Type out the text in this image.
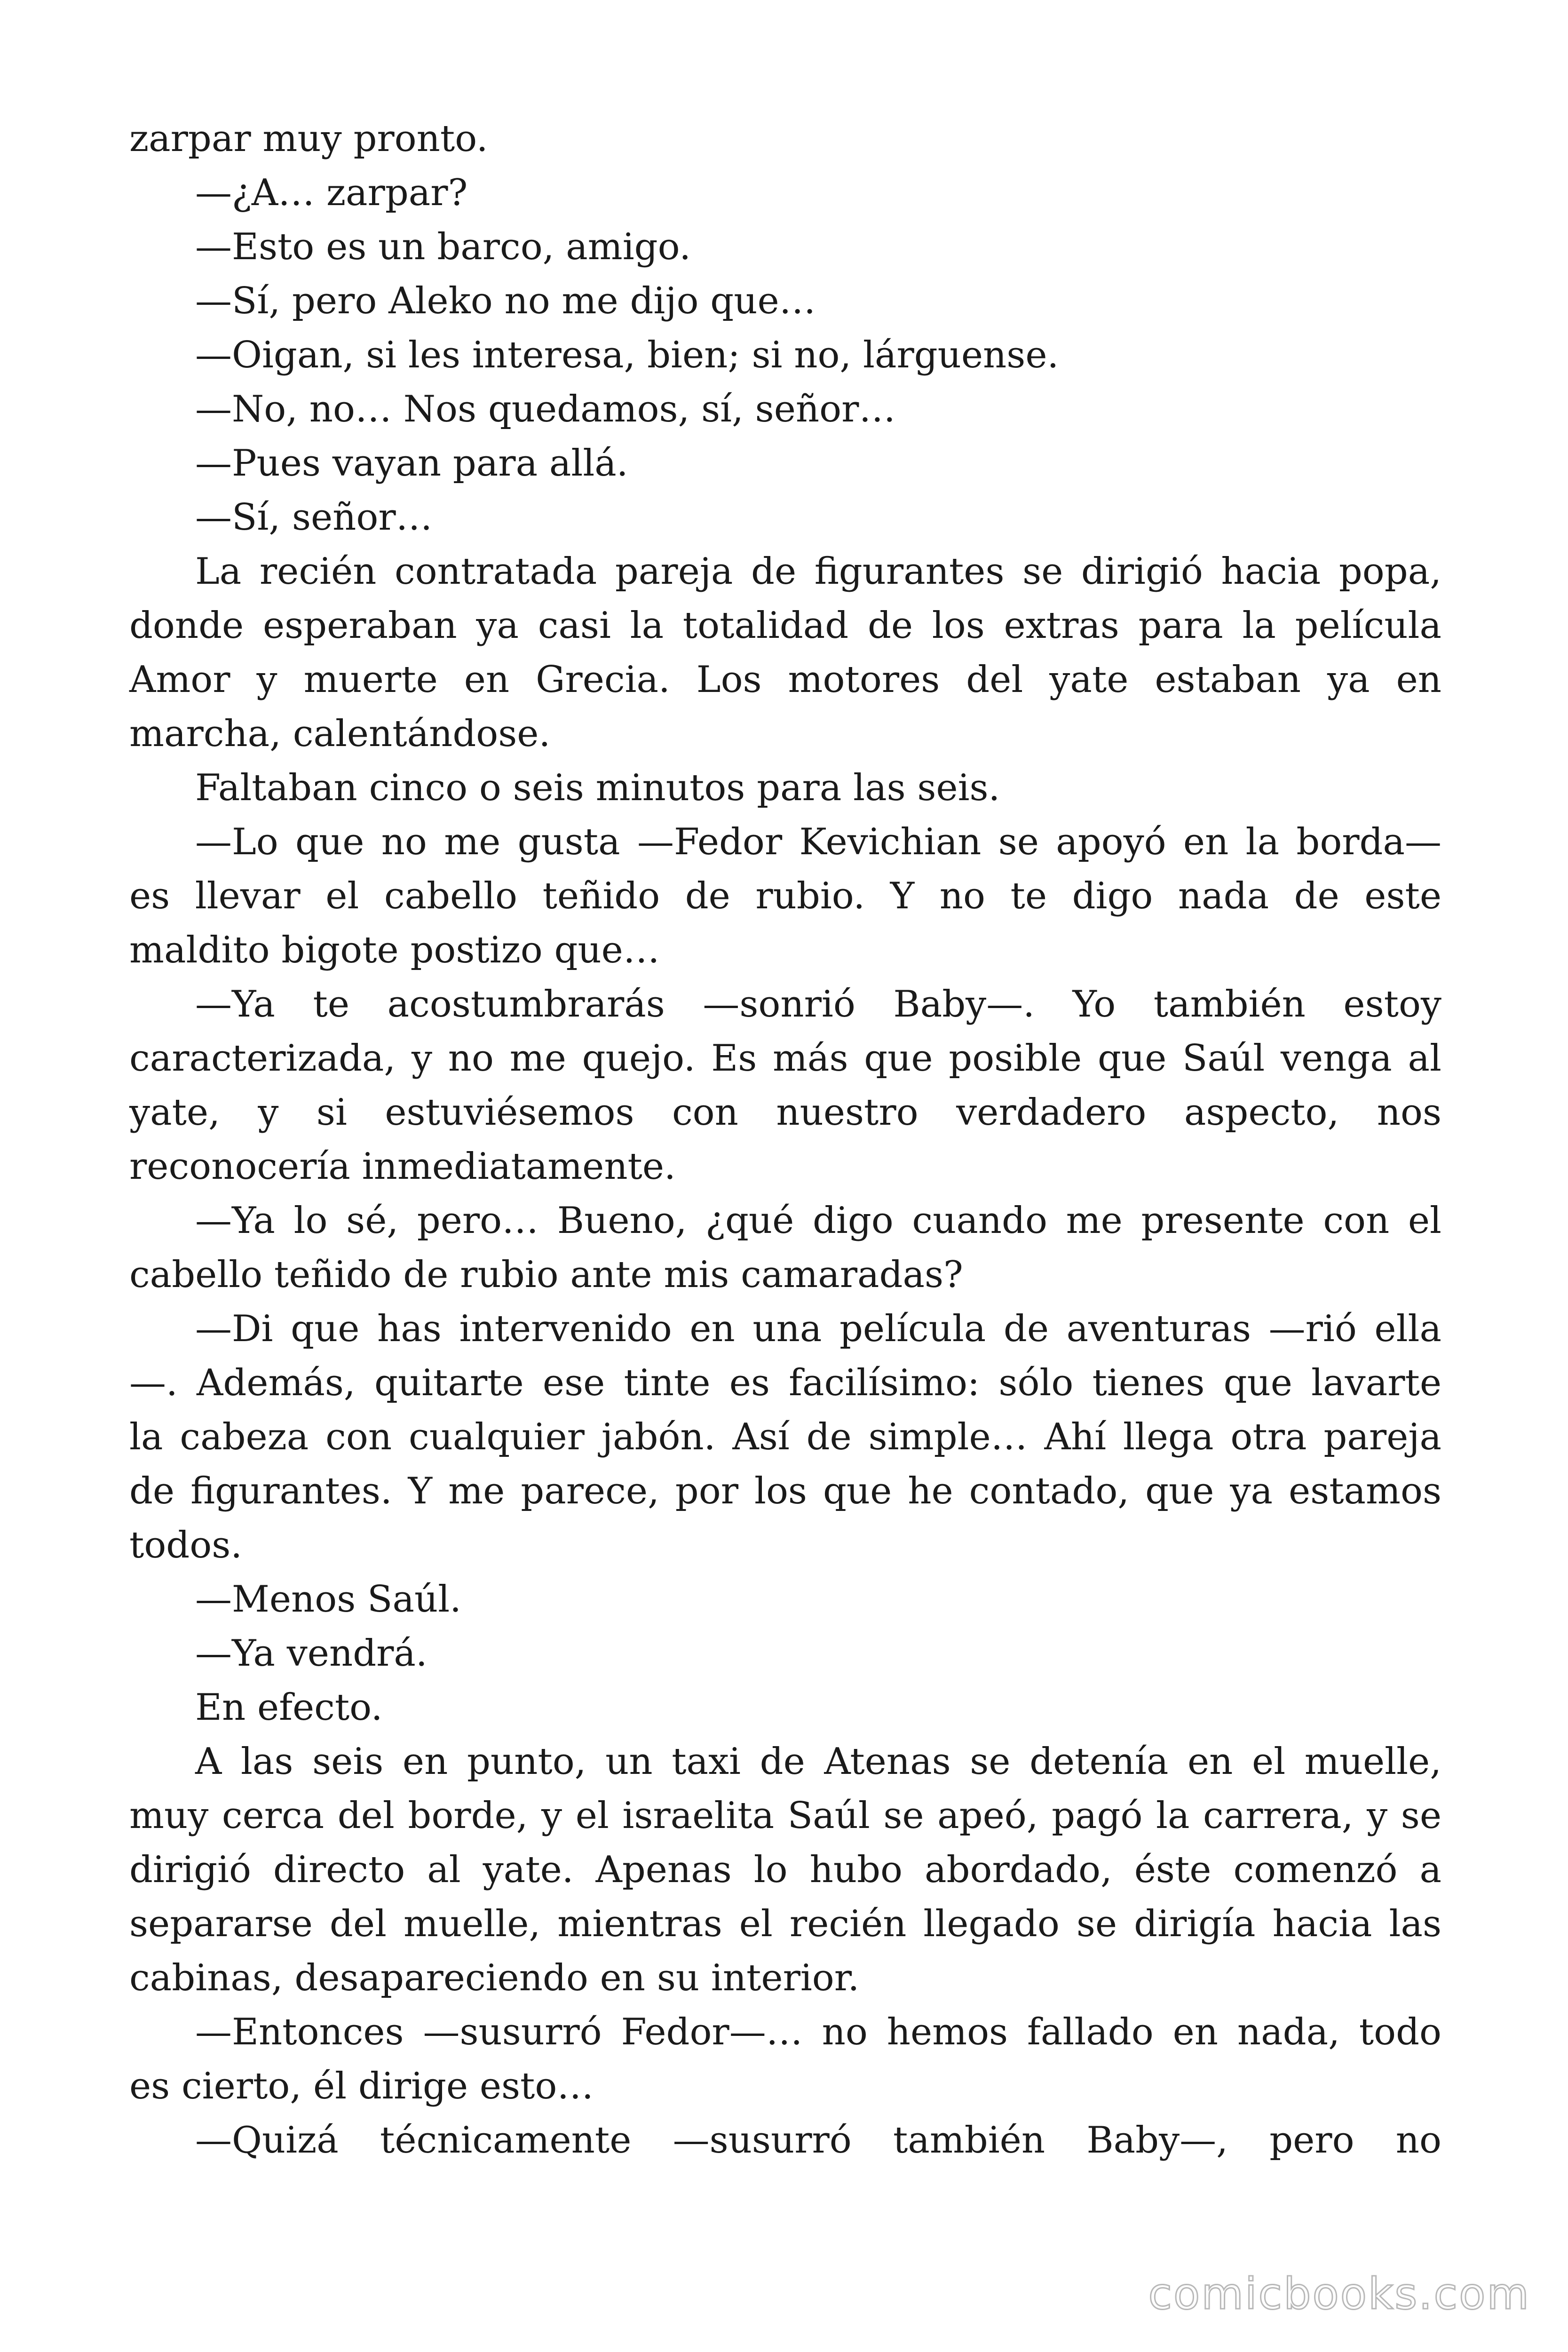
zarpar muy pronto.
—¿A… zarpar?
—Esto es un barco, amigo.
—Sí, pero Aleko no me dijo que…
—Oigan, si les interesa, bien; si no, lárguense.
—No, no… Nos quedamos, sí, señor…
—Pues vayan para allá.
—Sí, señor…
La recién contratada pareja de figurantes se dirigió hacia popa,
donde esperaban ya casi la totalidad de los extras para la película
Amor y muerte en Grecia. Los motores del yate estaban ya en
marcha, calentándose.
Faltaban cinco o seis minutos para las seis.
—Lo que no me gusta —Fedor Kevichian se apoyó en la borda—
es llevar el cabello teñido de rubio. Y no te digo nada de este
maldito bigote postizo que…
—Ya te acostumbrarás —sonrió Baby—. Yo también estoy
caracterizada, y no me quejo. Es más que posible que Saúl venga al
yate, y si estuviésemos con nuestro verdadero aspecto, nos
reconocería inmediatamente.
—Ya lo sé, pero… Bueno, ¿qué digo cuando me presente con el
cabello teñido de rubio ante mis camaradas?
—Di que has intervenido en una película de aventuras —rió ella
—. Además, quitarte ese tinte es facilísimo: sólo tienes que lavarte
la cabeza con cualquier jabón. Así de simple… Ahí llega otra pareja
de figurantes. Y me parece, por los que he contado, que ya estamos
todos.
—Menos Saúl.
—Ya vendrá.
En efecto.
A las seis en punto, un taxi de Atenas se detenía en el muelle,
muy cerca del borde, y el israelita Saúl se apeó, pagó la carrera, y se
dirigió directo al yate. Apenas lo hubo abordado, éste comenzó a
separarse del muelle, mientras el recién llegado se dirigía hacia las
cabinas, desapareciendo en su interior.
—Entonces —susurró Fedor—… no hemos fallado en nada, todo
es cierto, él dirige esto…
—Quizá técnicamente —susurró también Baby—, pero no
comicbooks.com
